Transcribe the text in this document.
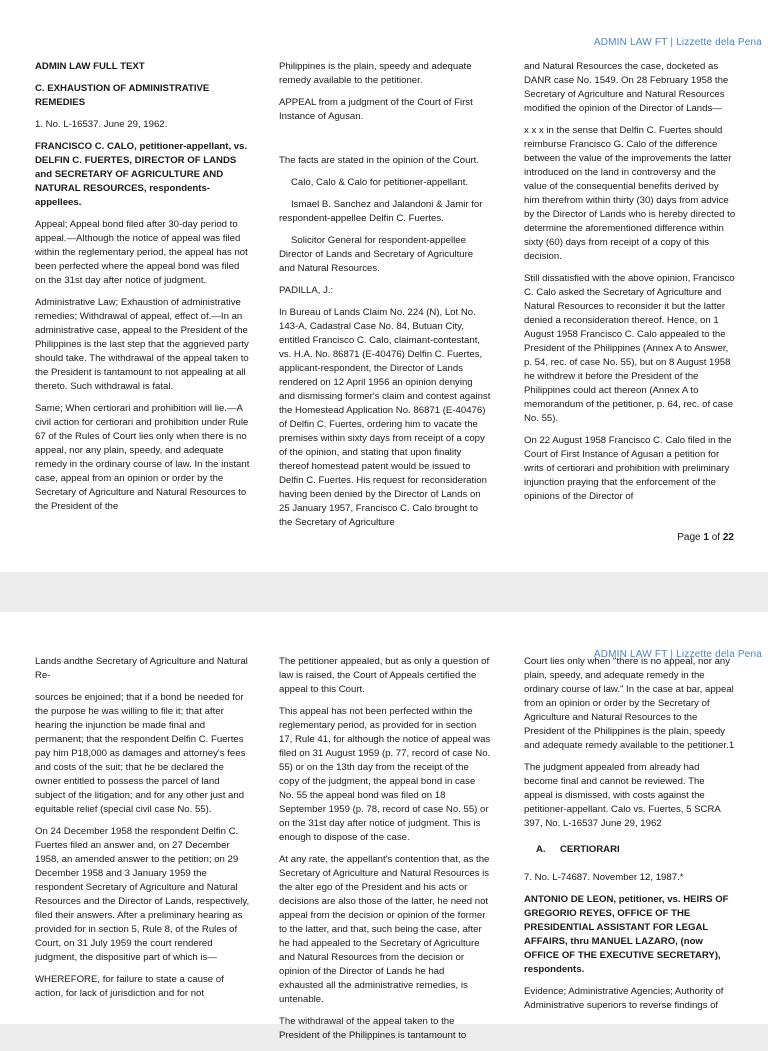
ADMIN LAW FT | Lizzette dela Pena

ADMIN LAW FULL TEXT

C. EXHAUSTION OF ADMINISTRATIVE REMEDIES

1. No. L-16537. June 29, 1962.

FRANCISCO C. CALO, petitioner-appellant, vs. DELFIN C. FUERTES, DIRECTOR OF LANDS and SECRETARY OF AGRICULTURE AND NATURAL RESOURCES, respondents-appellees.

Appeal; Appeal bond filed after 30-day period to appeal.—Although the notice of appeal was filed within the reglementary period, the appeal has not been perfected where the appeal bond was filed on the 31st day after notice of judgment.

Administrative Law; Exhaustion of administrative remedies; Withdrawal of appeal, effect of.—In an administrative case, appeal to the President of the Philippines is the last step that the aggrieved party should take. The withdrawal of the appeal taken to the President is tantamount to not appealing at all thereto. Such withdrawal is fatal.

Same; When certiorari and prohibition will lie.—A civil action for certiorari and prohibition under Rule 67 of the Rules of Court lies only when there is no appeal, nor any plain, speedy, and adequate remedy in the ordinary course of law. In the instant case, appeal from an opinion or order by the Secretary of Agriculture and Natural Resources to the President of the

Philippines is the plain, speedy and adequate remedy available to the petitioner.

APPEAL from a judgment of the Court of First Instance of Agusan.

The facts are stated in the opinion of the Court.

Calo, Calo & Calo for petitioner-appellant.

Ismael B. Sanchez and Jalandoni & Jamir for respondent-appellee Delfin C. Fuertes.

Solicitor General for respondent-appellee Director of Lands and Secretary of Agriculture and Natural Resources.

PADILLA, J.:

In Bureau of Lands Claim No. 224 (N), Lot No. 143-A, Cadastral Case No. 84, Butuan City, entitled Francisco C. Calo, claimant-contestant, vs. H.A. No. 86871 (E-40476) Delfin C. Fuertes, applicant-respondent, the Director of Lands rendered on 12 April 1956 an opinion denying and dismissing former's claim and contest against the Homestead Application No. 86871 (E-40476) of Delfin C. Fuertes, ordering him to vacate the premises within sixty days from receipt of a copy of the opinion, and stating that upon finality thereof homestead patent would be issued to Delfin C. Fuertes. His request for reconsideration having been denied by the Director of Lands on 25 January 1957, Francisco C. Calo brought to the Secretary of Agriculture

and Natural Resources the case, docketed as DANR case No. 1549. On 28 February 1958 the Secretary of Agriculture and Natural Resources modified the opinion of the Director of Lands—

x x x in the sense that Delfin C. Fuertes should reimburse Francisco G. Calo of the difference between the value of the improvements the latter introduced on the land in controversy and the value of the consequential benefits derived by him therefrom within thirty (30) days from advice by the Director of Lands who is hereby directed to determine the aforementioned difference within sixty (60) days from receipt of a copy of this decision.

Still dissatisfied with the above opinion, Francisco C. Calo asked the Secretary of Agriculture and Natural Resources to reconsider it but the latter denied a reconsideration thereof. Hence, on 1 August 1958 Francisco C. Calo appealed to the President of the Philippines (Annex A to Answer, p. 54, rec. of case No. 55), but on 8 August 1958 he withdrew it before the President of the Philippines could act thereon (Annex A to memorandum of the petitioner, p. 64, rec. of case No. 55).

On 22 August 1958 Francisco C. Calo filed in the Court of First Instance of Agusan a petition for writs of certiorari and prohibition with preliminary injunction praying that the enforcement of the opinions of the Director of

Page 1 of 22
ADMIN LAW FT | Lizzette dela Pena

Lands andthe Secretary of Agriculture and Natural Re-

sources be enjoined; that if a bond be needed for the purpose he was willing to file it; that after hearing the injunction be made final and permanent; that the respondent Delfin C. Fuertes pay him P18,000 as damages and attorney's fees and costs of the suit; that he be declared the owner entitled to possess the parcel of land subject of the litigation; and for any other just and equitable relief (special civil case No. 55).

On 24 December 1958 the respondent Delfin C. Fuertes filed an answer and, on 27 December 1958, an amended answer to the petition; on 29 December 1958 and 3 January 1959 the respondent Secretary of Agriculture and Natural Resources and the Director of Lands, respectively, filed their answers. After a preliminary hearing as provided for in section 5, Rule 8, of the Rules of Court, on 31 July 1959 the court rendered judgment, the dispositive part of which is—

WHEREFORE, for failure to state a cause of action, for lack of jurisdiction and for not

The petitioner appealed, but as only a question of law is raised, the Court of Appeals certified the appeal to this Court.

This appeal has not been perfected within the reglementary period, as provided for in section 17, Rule 41, for although the notice of appeal was filed on 31 August 1959 (p. 77, record of case No. 55) or on the 13th day from the receipt of the copy of the judgment, the appeal bond in case No. 55 the appeal bond was filed on 18 September 1959 (p. 78, record of case No. 55) or on the 31st day after notice of judgment. This is enough to dispose of the case.

At any rate, the appellant's contention that, as the Secretary of Agriculture and Natural Resources is the alter ego of the President and his acts or decisions are also those of the latter, he need not appeal from the decision or opinion of the former to the latter, and that, such being the case, after he had appealed to the Secretary of Agriculture and Natural Resources from the decision or opinion of the Director of Lands he had exhausted all the administrative remedies, is untenable.

The withdrawal of the appeal taken to the President of the Philippines is tantamount to

Court lies only when "there is no appeal, nor any plain, speedy, and adequate remedy in the ordinary course of law." In the case at bar, appeal from an opinion or order by the Secretary of Agriculture and Natural Resources to the President of the Philippines is the plain, speedy and adequate remedy available to the petitioner.1

The judgment appealed from already had become final and cannot be reviewed. The appeal is dismissed, with costs against the petitioner-appellant. Calo vs. Fuertes, 5 SCRA 397, No. L-16537 June 29, 1962

A. CERTIORARI

7. No. L-74687. November 12, 1987.*

ANTONIO DE LEON, petitioner, vs. HEIRS OF GREGORIO REYES, OFFICE OF THE PRESIDENTIAL ASSISTANT FOR LEGAL AFFAIRS, thru MANUEL LAZARO, (now OFFICE OF THE EXECUTIVE SECRETARY), respondents.

Evidence; Administrative Agencies; Authority of Administrative superiors to reverse findings of
